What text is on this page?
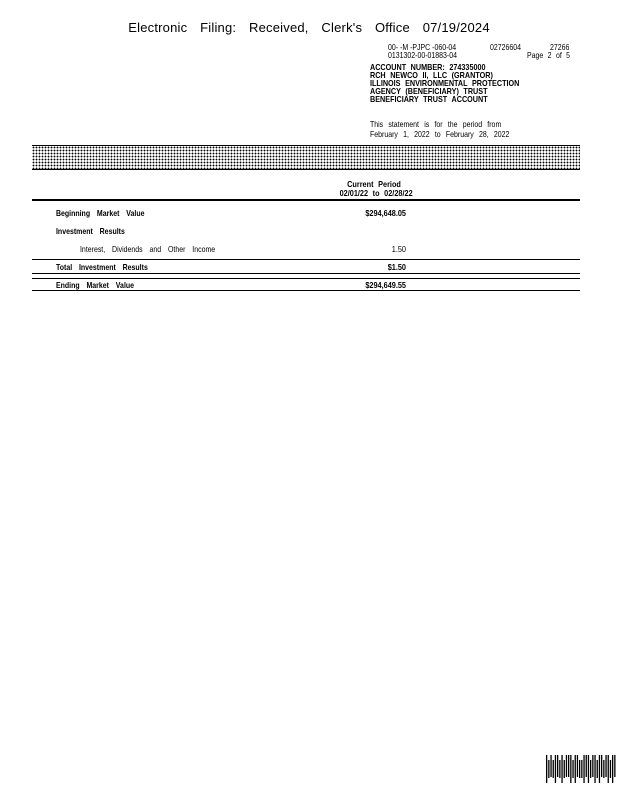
Electronic Filing: Received, Clerk's Office 07/19/2024
00- -M -PJPC -060-04	02726604	27266
0131302-00-01883-04	Page 2 of 5
ACCOUNT NUMBER: 274335000
RCH NEWCO II, LLC (GRANTOR)
ILLINOIS ENVIRONMENTAL PROTECTION
AGENCY (BENEFICIARY) TRUST
BENEFICIARY TRUST ACCOUNT
This statement is for the period from
February 1, 2022 to February 28, 2022
Current Period
02/01/22 to 02/28/22
Beginning Market Value	$294,648.05
Investment Results
Interest, Dividends and Other Income	1.50
Total Investment Results	$1.50
Ending Market Value	$294,649.55
